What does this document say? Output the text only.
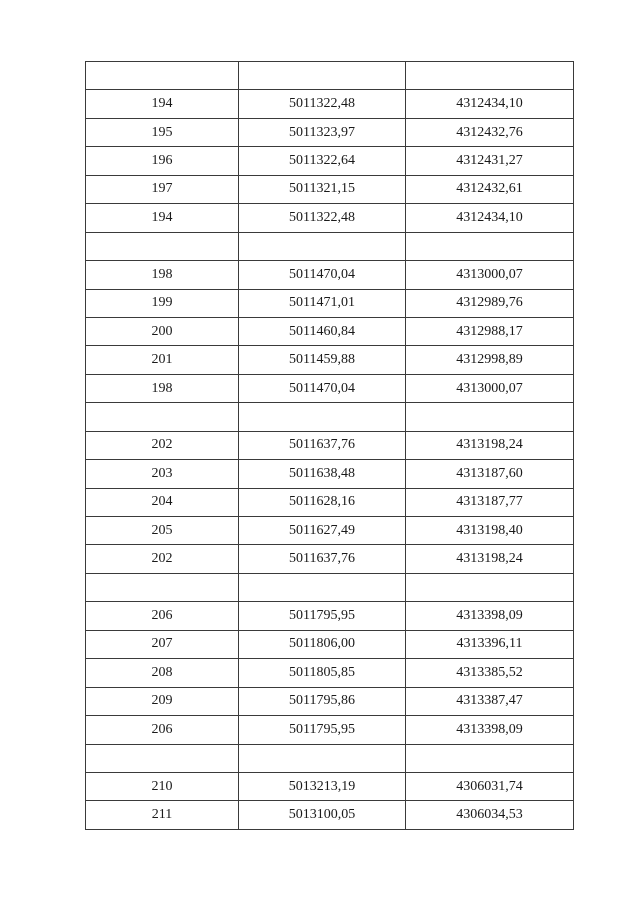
194	5011322,48	4312434,10
195	5011323,97	4312432,76
196	5011322,64	4312431,27
197	5011321,15	4312432,61
194	5011322,48	4312434,10

198	5011470,04	4313000,07
199	5011471,01	4312989,76
200	5011460,84	4312988,17
201	5011459,88	4312998,89
198	5011470,04	4313000,07

202	5011637,76	4313198,24
203	5011638,48	4313187,60
204	5011628,16	4313187,77
205	5011627,49	4313198,40
202	5011637,76	4313198,24

206	5011795,95	4313398,09
207	5011806,00	4313396,11
208	5011805,85	4313385,52
209	5011795,86	4313387,47
206	5011795,95	4313398,09

210	5013213,19	4306031,74
211	5013100,05	4306034,53
